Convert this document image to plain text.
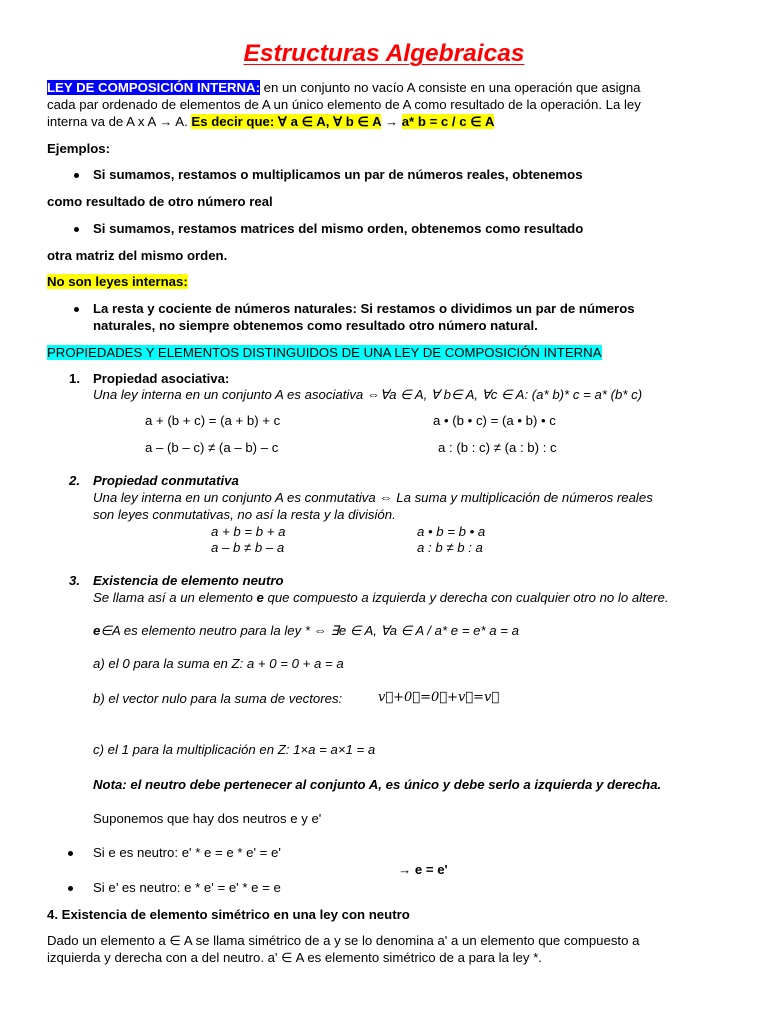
Estructuras Algebraicas
LEY DE COMPOSICIÓN INTERNA: en un conjunto no vacío A consiste en una operación que asigna
cada par ordenado de elementos de A un único elemento de A como resultado de la operación. La ley
interna va de A x A → A. Es decir que: ∀ a ∈ A, ∀ b ∈ A → a* b = c / c ∈ A
Ejemplos:
Si sumamos, restamos o multiplicamos un par de números reales, obtenemos
como resultado de otro número real
Si sumamos, restamos matrices del mismo orden, obtenemos como resultado
otra matriz del mismo orden.
No son leyes internas:
La resta y cociente de números naturales: Si restamos o dividimos un par de números
naturales, no siempre obtenemos como resultado otro número natural.
PROPIEDADES Y ELEMENTOS DISTINGUIDOS DE UNA LEY DE COMPOSICIÓN INTERNA
1. Propiedad asociativa:
Una ley interna en un conjunto A es asociativa ⇔∀a ∈ A, ∀ b∈ A, ∀c ∈ A: (a* b)* c = a* (b* c)
a + (b + c) = (a + b) + c	a • (b • c) = (a • b) • c
a – (b – c) ≠ (a – b) – c	a : (b : c) ≠ (a : b) : c
2. Propiedad conmutativa
Una ley interna en un conjunto A es conmutativa ⇔ La suma y multiplicación de números reales
son leyes conmutativas, no así la resta y la división.
a + b = b + a	a • b = b • a
a – b ≠ b – a	a : b ≠ b : a
3. Existencia de elemento neutro
Se llama así a un elemento e que compuesto a izquierda y derecha con cualquier otro no lo altere.
e∈A es elemento neutro para la ley * ⇔ ∃e ∈ A, ∀a ∈ A / a* e = e* a = a
a) el 0 para la suma en Z: a + 0 = 0 + a = a
b) el vector nulo para la suma de vectores:	v⃗+0⃗=0⃗+v⃗=v⃗
c) el 1 para la multiplicación en Z: 1×a = a×1 = a
Nota: el neutro debe pertenecer al conjunto A, es único y debe serlo a izquierda y derecha.
Suponemos que hay dos neutros e y e'
Si e es neutro: e' * e = e * e' = e'
→ e = e'
Si e’ es neutro: e * e' = e' * e = e
4. Existencia de elemento simétrico en una ley con neutro
Dado un elemento a ∈ A se llama simétrico de a y se lo denomina a' a un elemento que compuesto a
izquierda y derecha con a del neutro. a' ∈ A es elemento simétrico de a para la ley *.
